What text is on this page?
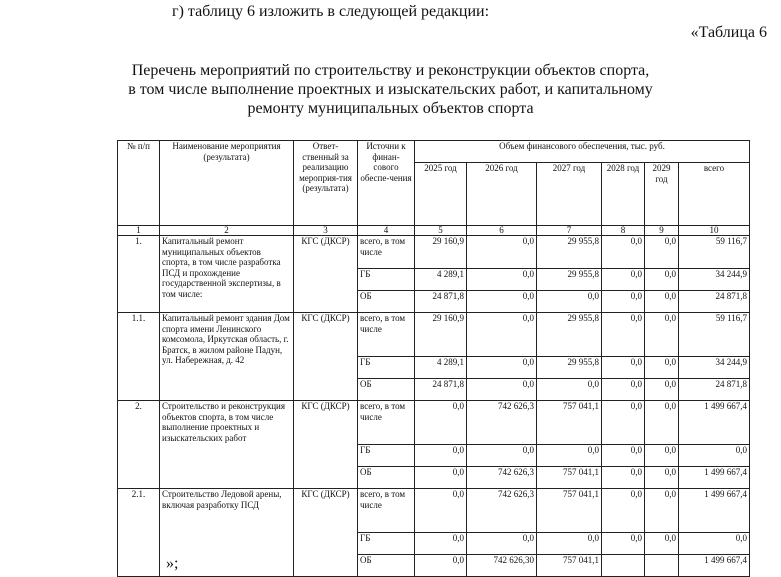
г) таблицу 6 изложить в следующей редакции:
«Таблица 6
Перечень мероприятий по строительству и реконструкции объектов спорта,
в том числе выполнение проектных и изыскательских работ, и капитальному
ремонту муниципальных объектов спорта
№ п/п	Наименование мероприятия (результата)	Ответ-ственный за реализацию мероприя-тия (результата)	Источни к финан-сового обеспе-чения	Объем финансового обеспечения, тыс. руб.					
				2025 год	2026 год	2027 год	2028 год	2029 год	всего
1	2	3	4	5	6	7	8	9	10
1.	Капитальный ремонт муниципальных объектов спорта, в том числе разработка ПСД и прохождение государственной экспертизы, в том числе:	КГС (ДКСР)	всего, в том числе	29 160,9	0,0	29 955,8	0,0	0,0	59 116,7
			ГБ	4 289,1	0,0	29 955,8	0,0	0,0	34 244,9
			ОБ	24 871,8	0,0	0,0	0,0	0,0	24 871,8
1.1.	Капитальный ремонт здания Дом спорта имени Ленинского комсомола, Иркутская область, г. Братск, в жилом районе Падун, ул. Набережная, д. 42	КГС (ДКСР)	всего, в том числе	29 160,9	0,0	29 955,8	0,0	0,0	59 116,7
			ГБ	4 289,1	0,0	29 955,8	0,0	0,0	34 244,9
			ОБ	24 871,8	0,0	0,0	0,0	0,0	24 871,8
2.	Строительство и реконструкция объектов спорта, в том числе выполнение проектных и изыскательских работ	КГС (ДКСР)	всего, в том числе	0,0	742 626,3	757 041,1	0,0	0,0	1 499 667,4
			ГБ	0,0	0,0	0,0	0,0	0,0	0,0
			ОБ	0,0	742 626,3	757 041,1	0,0	0,0	1 499 667,4
2.1.	Строительство Ледовой арены, включая разработку ПСД	КГС (ДКСР)	всего, в том числе	0,0	742 626,3	757 041,1	0,0	0,0	1 499 667,4
			ГБ	0,0	0,0	0,0	0,0	0,0	0,0
			ОБ	0,0	742 626,30	757 041,1			1 499 667,4
»;
